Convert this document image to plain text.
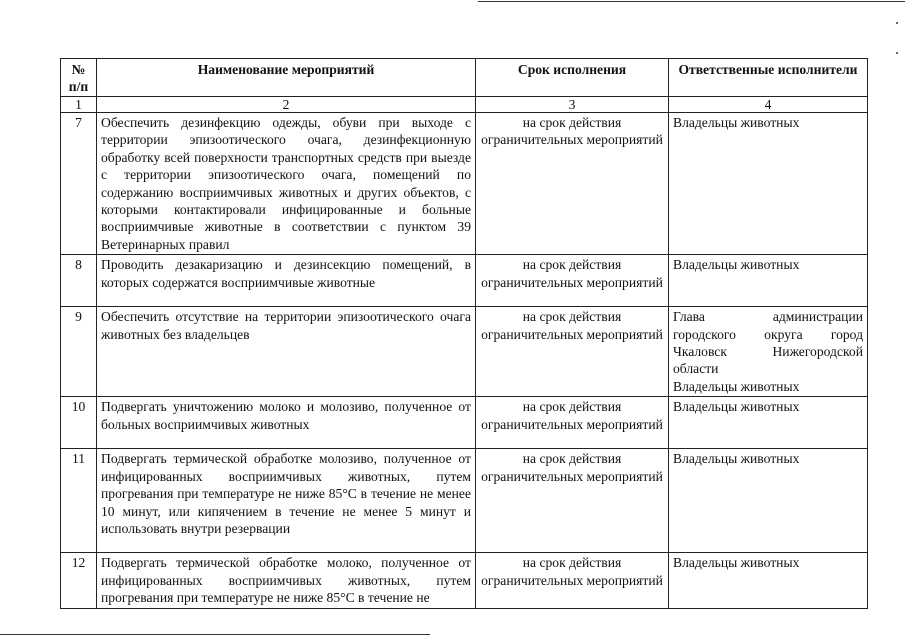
№ п/п	Наименование мероприятий	Срок исполнения	Ответственные исполнители
1	2	3	4
7	Обеспечить дезинфекцию одежды, обуви при выходе с территории эпизоотического очага, дезинфекционную обработку всей поверхности транспортных средств при выезде с территории эпизоотического очага, помещений по содержанию восприимчивых животных и других объектов, с которыми контактировали инфицированные и больные восприимчивые животные в соответствии с пунктом 39 Ветеринарных правил	на срок действия ограничительных мероприятий	Владельцы животных

8	Проводить дезакаризацию и дезинсекцию помещений, в которых содержатся восприимчивые животные	на срок действия ограничительных мероприятий	Владельцы животных

9	Обеспечить отсутствие на территории эпизоотического очага животных без владельцев	на срок действия ограничительных мероприятий	Глава администрации городского округа город Чкаловск Нижегородской области
Владельцы животных

10	Подвергать уничтожению молоко и молозиво, полученное от больных восприимчивых животных	на срок действия ограничительных мероприятий	Владельцы животных

11	Подвергать термической обработке молозиво, полученное от инфицированных восприимчивых животных, путем прогревания при температуре не ниже 85°С в течение не менее 10 минут, или кипячением в течение не менее 5 минут и использовать внутри резервации	на срок действия ограничительных мероприятий	Владельцы животных

12	Подвергать термической обработке молоко, полученное от инфицированных восприимчивых животных, путем прогревания при температуре не ниже 85°С в течение не	на срок действия ограничительных мероприятий	Владельцы животных
